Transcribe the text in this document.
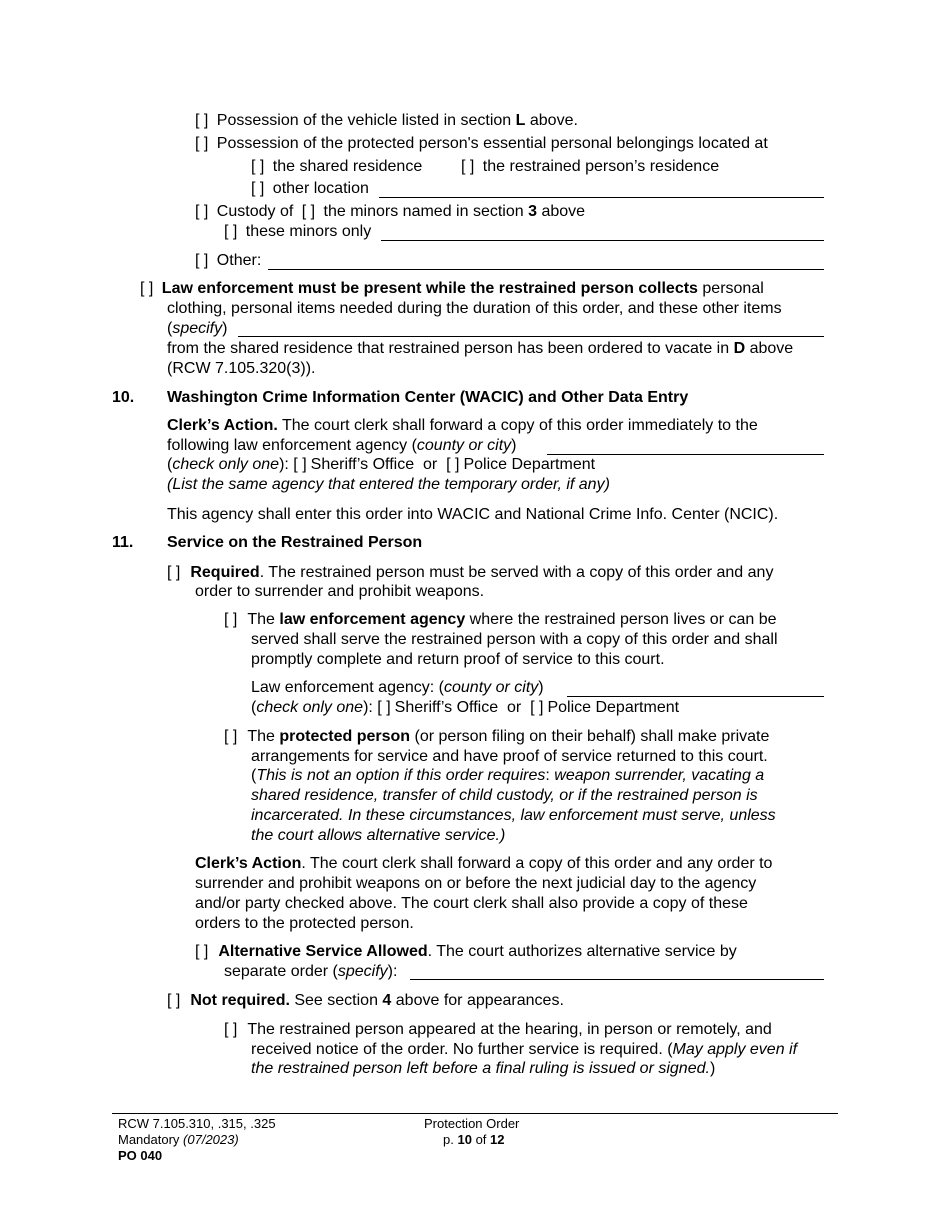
[ ] Possession of the vehicle listed in section L above.
[ ] Possession of the protected person's essential personal belongings located at
[ ] the shared residence [ ] the restrained person’s residence
[ ] other location
[ ] Custody of [ ] the minors named in section 3 above
[ ] these minors only
[ ] Other:
[ ] Law enforcement must be present while the restrained person collects personal
clothing, personal items needed during the duration of this order, and these other items
(specify)
from the shared residence that restrained person has been ordered to vacate in D above
(RCW 7.105.320(3)).
10. Washington Crime Information Center (WACIC) and Other Data Entry
Clerk’s Action. The court clerk shall forward a copy of this order immediately to the
following law enforcement agency (county or city)
(check only one): [ ] Sheriff’s Office or [ ] Police Department
(List the same agency that entered the temporary order, if any)
This agency shall enter this order into WACIC and National Crime Info. Center (NCIC).
11. Service on the Restrained Person
[ ] Required. The restrained person must be served with a copy of this order and any
order to surrender and prohibit weapons.
[ ] The law enforcement agency where the restrained person lives or can be
served shall serve the restrained person with a copy of this order and shall
promptly complete and return proof of service to this court.
Law enforcement agency: (county or city)
(check only one): [ ] Sheriff’s Office or [ ] Police Department
[ ] The protected person (or person filing on their behalf) shall make private
arrangements for service and have proof of service returned to this court.
(This is not an option if this order requires: weapon surrender, vacating a
shared residence, transfer of child custody, or if the restrained person is
incarcerated. In these circumstances, law enforcement must serve, unless
the court allows alternative service.)
Clerk’s Action. The court clerk shall forward a copy of this order and any order to
surrender and prohibit weapons on or before the next judicial day to the agency
and/or party checked above. The court clerk shall also provide a copy of these
orders to the protected person.
[ ] Alternative Service Allowed. The court authorizes alternative service by
separate order (specify):
[ ] Not required. See section 4 above for appearances.
[ ] The restrained person appeared at the hearing, in person or remotely, and
received notice of the order. No further service is required. (May apply even if
the restrained person left before a final ruling is issued or signed.)
RCW 7.105.310, .315, .325
Mandatory (07/2023)
PO 040
Protection Order
p. 10 of 12
